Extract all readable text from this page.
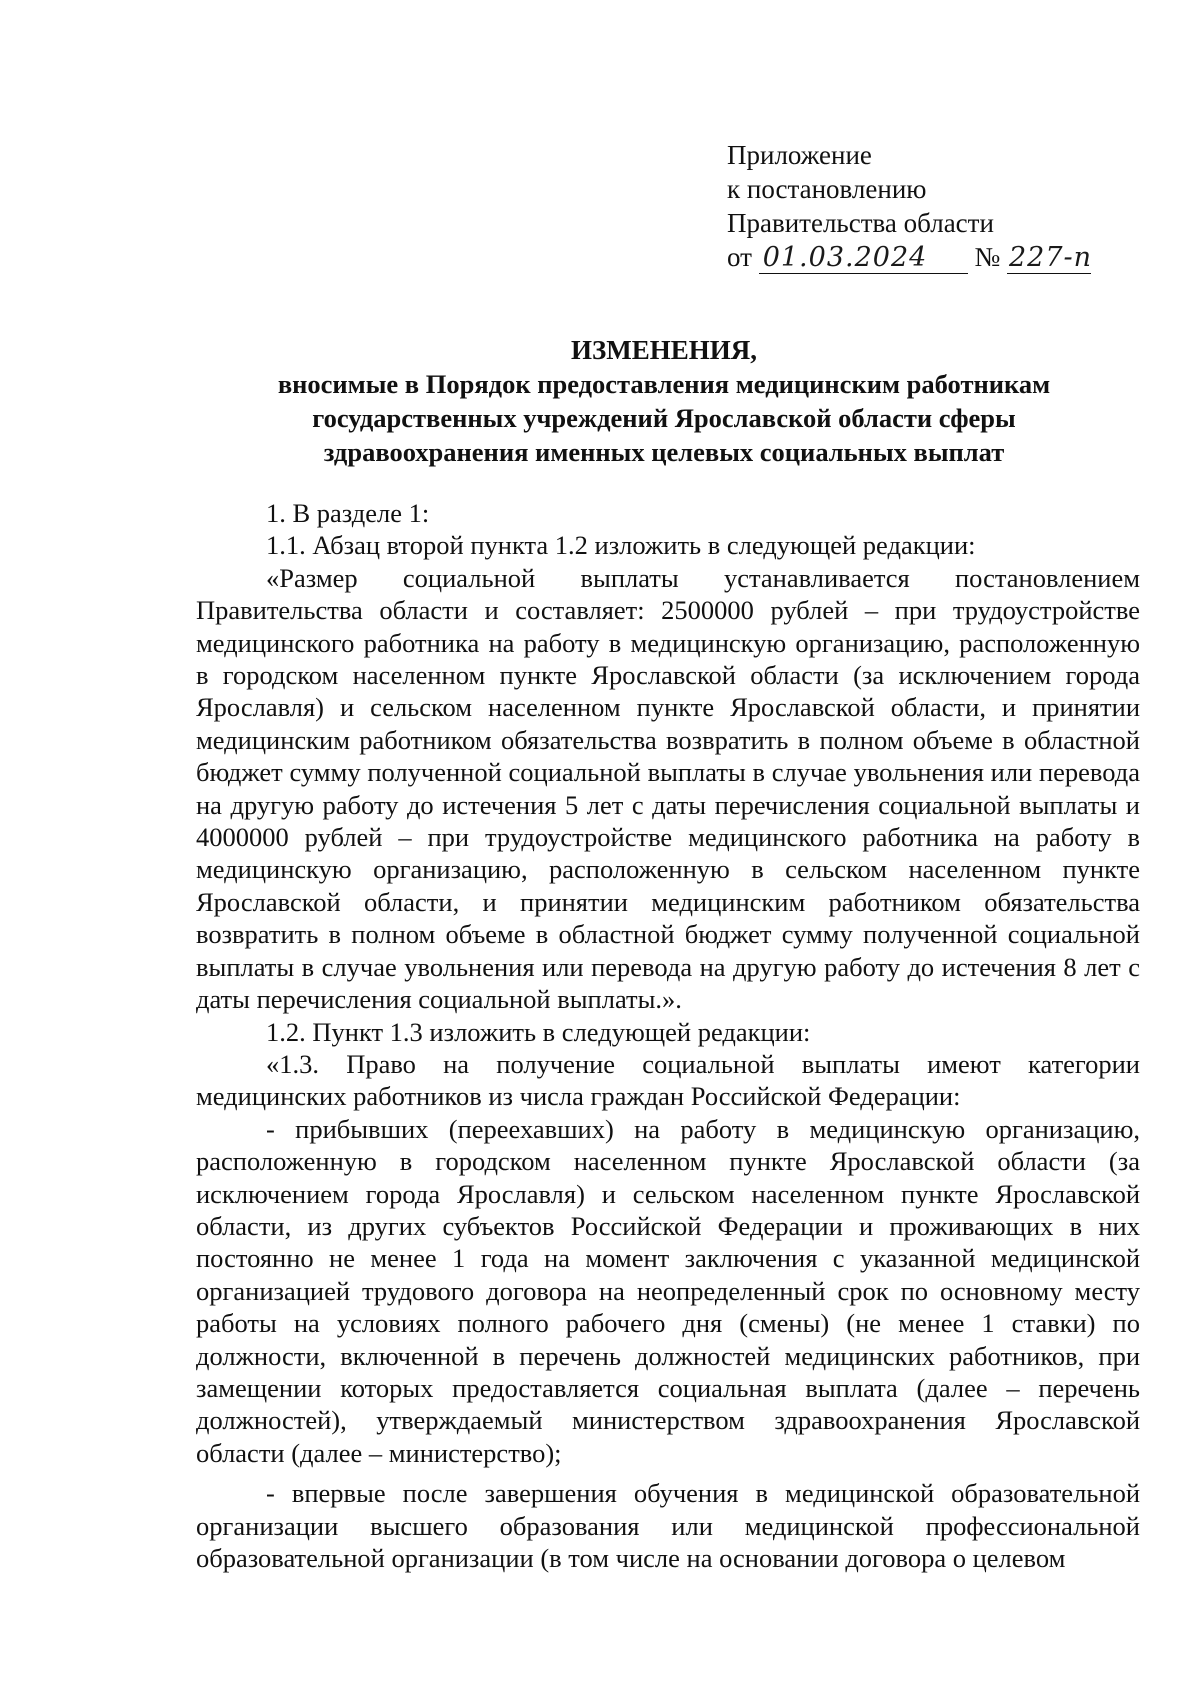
Приложение
к постановлению
Правительства области
от 01.03.2024 № 227-п
ИЗМЕНЕНИЯ,
вносимые в Порядок предоставления медицинским работникам
государственных учреждений Ярославской области сферы
здравоохранения именных целевых социальных выплат

1. В разделе 1:

1.1. Абзац второй пункта 1.2 изложить в следующей редакции:

«Размер социальной выплаты устанавливается постановлением Правительства области и составляет: 2500000 рублей – при трудоустройстве медицинского работника на работу в медицинскую организацию, расположенную в городском населенном пункте Ярославской области (за исключением города Ярославля) и сельском населенном пункте Ярославской области, и принятии медицинским работником обязательства возвратить в полном объеме в областной бюджет сумму полученной социальной выплаты в случае увольнения или перевода на другую работу до истечения 5 лет с даты перечисления социальной выплаты и 4000000 рублей – при трудоустройстве медицинского работника на работу в медицинскую организацию, расположенную в сельском населенном пункте Ярославской области, и принятии медицинским работником обязательства возвратить в полном объеме в областной бюджет сумму полученной социальной выплаты в случае увольнения или перевода на другую работу до истечения 8 лет с даты перечисления социальной выплаты.».

1.2. Пункт 1.3 изложить в следующей редакции:

«1.3. Право на получение социальной выплаты имеют категории медицинских работников из числа граждан Российской Федерации:

- прибывших (переехавших) на работу в медицинскую организацию, расположенную в городском населенном пункте Ярославской области (за исключением города Ярославля) и сельском населенном пункте Ярославской области, из других субъектов Российской Федерации и проживающих в них постоянно не менее 1 года на момент заключения с указанной медицинской организацией трудового договора на неопределенный срок по основному месту работы на условиях полного рабочего дня (смены) (не менее 1 ставки) по должности, включенной в перечень должностей медицинских работников, при замещении которых предоставляется социальная выплата (далее – перечень должностей), утверждаемый министерством здравоохранения Ярославской области (далее – министерство);

- впервые после завершения обучения в медицинской образовательной организации высшего образования или медицинской профессиональной образовательной организации (в том числе на основании договора о целевом
